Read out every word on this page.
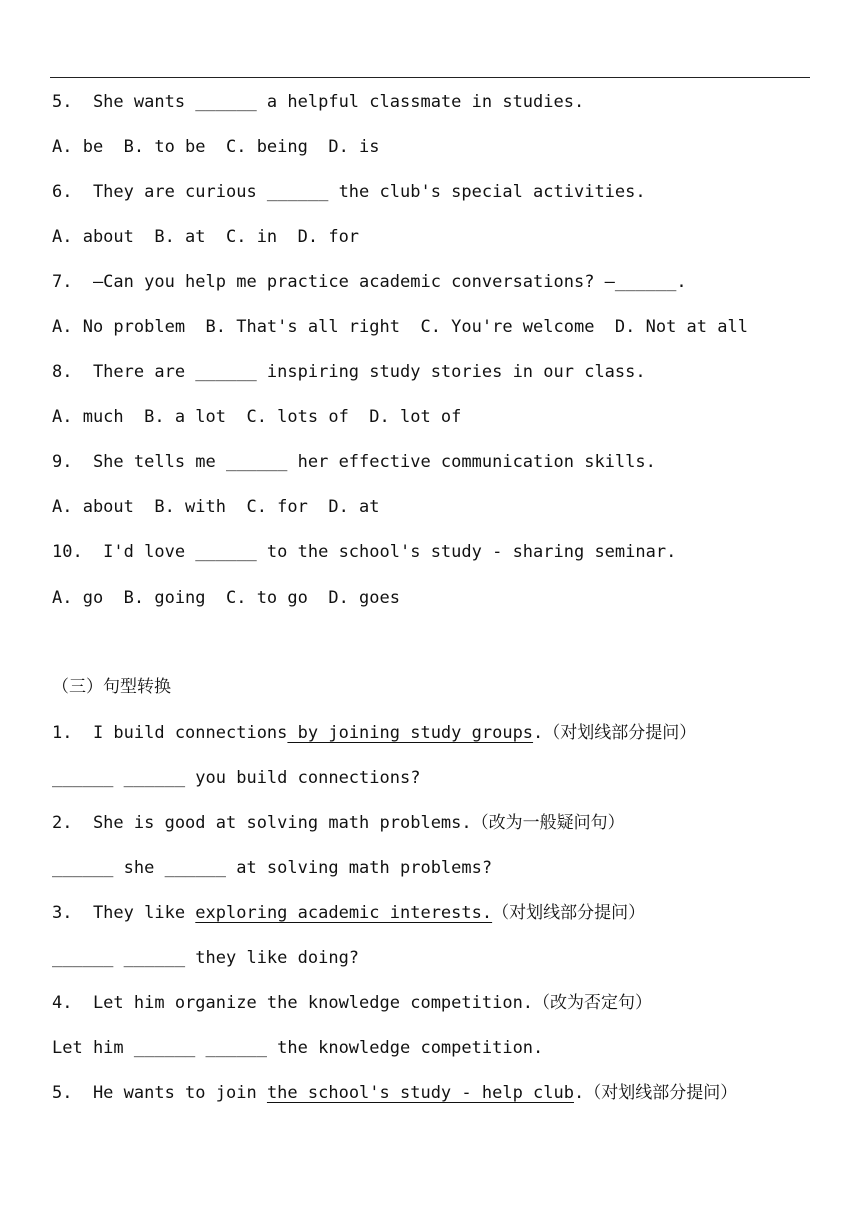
5.  She wants ______ a helpful classmate in studies.
A. be  B. to be  C. being  D. is
6.  They are curious ______ the club's special activities.
A. about  B. at  C. in  D. for
7.  —Can you help me practice academic conversations? —______.
A. No problem  B. That's all right  C. You're welcome  D. Not at all
8.  There are ______ inspiring study stories in our class.
A. much  B. a lot  C. lots of  D. lot of
9.  She tells me ______ her effective communication skills.
A. about  B. with  C. for  D. at
10.  I'd love ______ to the school's study - sharing seminar.
A. go  B. going  C. to go  D. goes
（三）句型转换
1.  I build connections by joining study groups.（对划线部分提问）
______ ______ you build connections?
2.  She is good at solving math problems.（改为一般疑问句）
______ she ______ at solving math problems?
3.  They like exploring academic interests.（对划线部分提问）
______ ______ they like doing?
4.  Let him organize the knowledge competition.（改为否定句）
Let him ______ ______ the knowledge competition.
5.  He wants to join the school's study - help club.（对划线部分提问）
